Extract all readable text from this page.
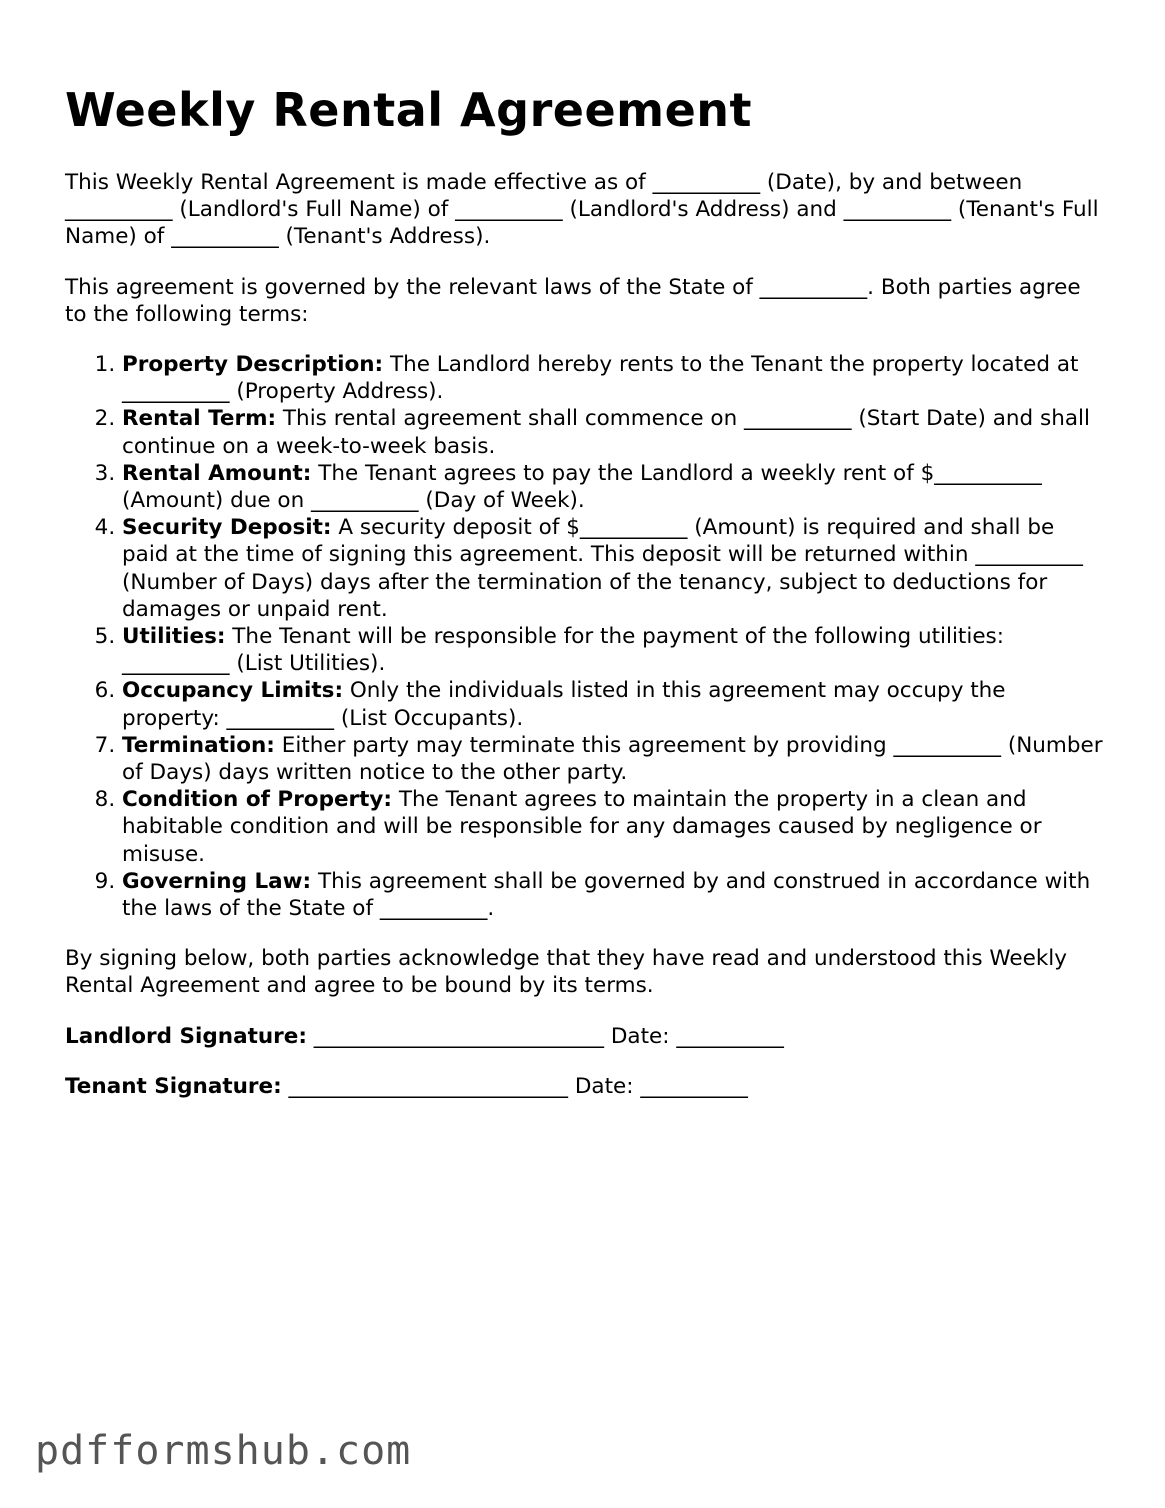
Weekly Rental Agreement

This Weekly Rental Agreement is made effective as of __________ (Date), by and between __________ (Landlord's Full Name) of __________ (Landlord's Address) and __________ (Tenant's Full Name) of __________ (Tenant's Address).

This agreement is governed by the relevant laws of the State of __________. Both parties agree to the following terms:

1. Property Description: The Landlord hereby rents to the Tenant the property located at __________ (Property Address).
2. Rental Term: This rental agreement shall commence on __________ (Start Date) and shall continue on a week-to-week basis.
3. Rental Amount: The Tenant agrees to pay the Landlord a weekly rent of $__________ (Amount) due on __________ (Day of Week).
4. Security Deposit: A security deposit of $__________ (Amount) is required and shall be paid at the time of signing this agreement. This deposit will be returned within __________ (Number of Days) days after the termination of the tenancy, subject to deductions for damages or unpaid rent.
5. Utilities: The Tenant will be responsible for the payment of the following utilities: __________ (List Utilities).
6. Occupancy Limits: Only the individuals listed in this agreement may occupy the property: __________ (List Occupants).
7. Termination: Either party may terminate this agreement by providing __________ (Number of Days) days written notice to the other party.
8. Condition of Property: The Tenant agrees to maintain the property in a clean and habitable condition and will be responsible for any damages caused by negligence or misuse.
9. Governing Law: This agreement shall be governed by and construed in accordance with the laws of the State of __________.

By signing below, both parties acknowledge that they have read and understood this Weekly Rental Agreement and agree to be bound by its terms.

Landlord Signature: ___________________________ Date: __________

Tenant Signature: __________________________ Date: __________

pdfformshub.com
